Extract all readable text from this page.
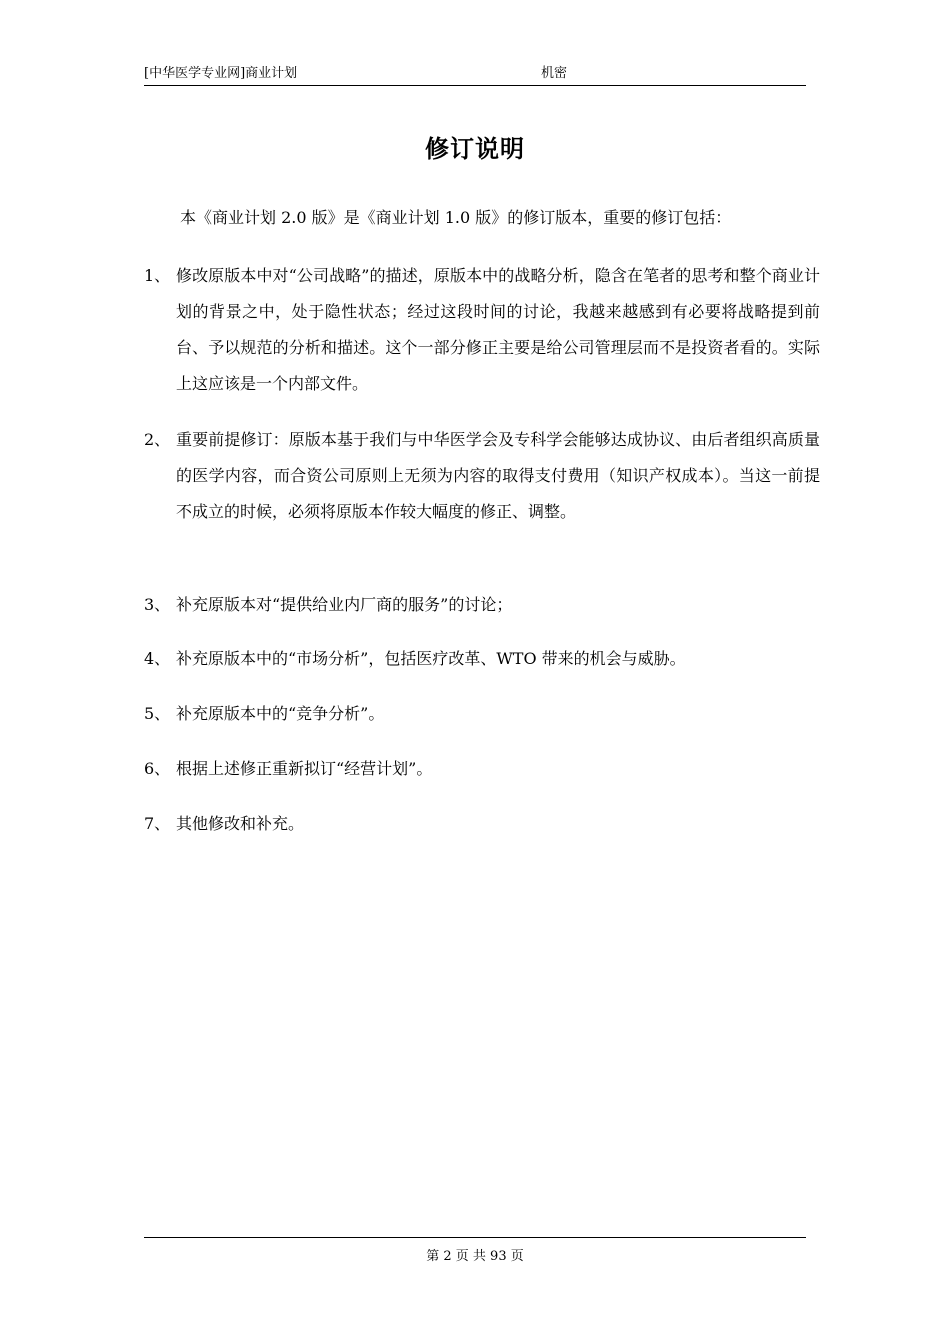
[中华医学专业网]商业计划	机密
修订说明
本《商业计划 2.0 版》是《商业计划 1.0 版》的修订版本，重要的修订包括：
1、 修改原版本中对“公司战略”的描述，原版本中的战略分析，隐含在笔者的思考和整个商业计划的背景之中，处于隐性状态；经过这段时间的讨论，我越来越感到有必要将战略提到前台、予以规范的分析和描述。这个一部分修正主要是给公司管理层而不是投资者看的。实际上这应该是一个内部文件。
2、 重要前提修订：原版本基于我们与中华医学会及专科学会能够达成协议、由后者组织高质量的医学内容，而合资公司原则上无须为内容的取得支付费用（知识产权成本）。当这一前提不成立的时候，必须将原版本作较大幅度的修正、调整。
3、 补充原版本对“提供给业内厂商的服务”的讨论；
4、 补充原版本中的“市场分析”，包括医疗改革、WTO 带来的机会与威胁。
5、 补充原版本中的“竞争分析”。
6、 根据上述修正重新拟订“经营计划”。
7、 其他修改和补充。
第 2 页 共 93 页
